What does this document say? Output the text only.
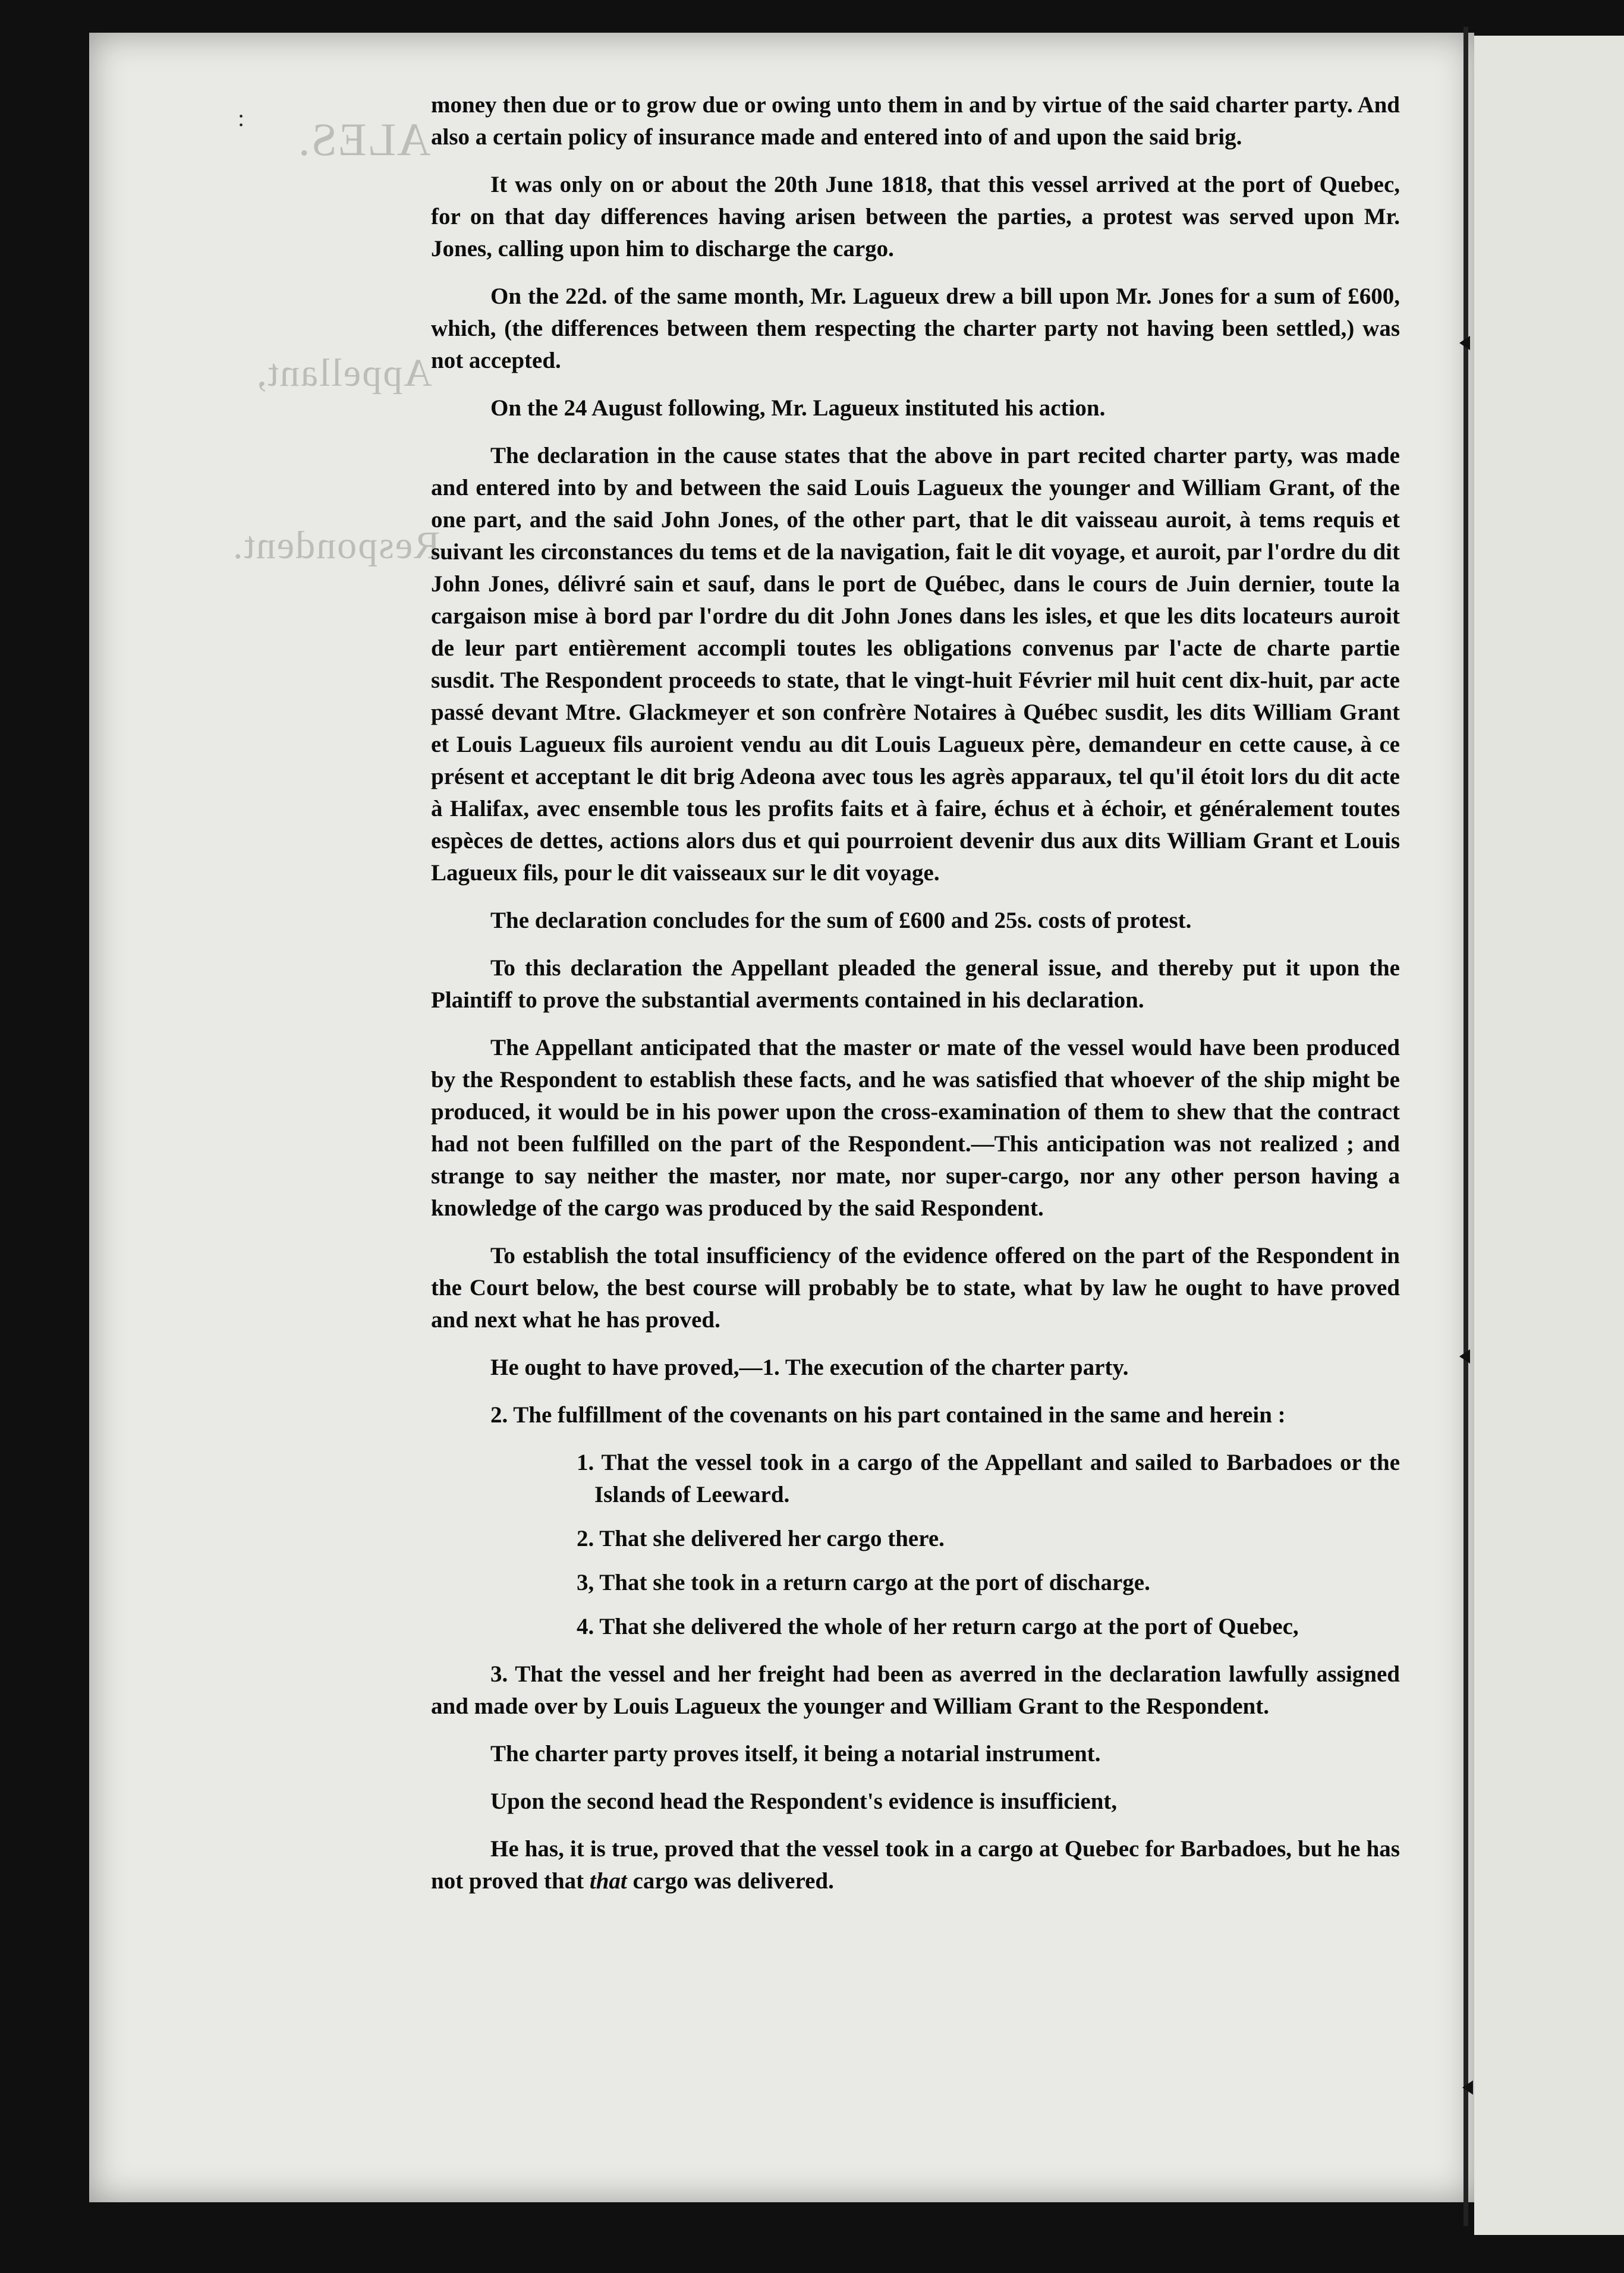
ALES.
Appellant,
Respondent.
:	money then due or to grow due or owing unto them in and by virtue of the said charter party. And also a certain policy of insurance made and entered into of and upon the said brig.

It was only on or about the 20th June 1818, that this vessel arrived at the port of Quebec, for on that day differences having arisen between the parties, a protest was served upon Mr. Jones, calling upon him to discharge the cargo.

On the 22d. of the same month, Mr. Lagueux drew a bill upon Mr. Jones for a sum of £600, which, (the differences between them respecting the charter party not having been settled,) was not accepted.

On the 24 August following, Mr. Lagueux instituted his action.

The declaration in the cause states that the above in part recited charter party, was made and entered into by and between the said Louis Lagueux the younger and William Grant, of the one part, and the said John Jones, of the other part, that le dit vaisseau auroit, à tems requis et suivant les circonstances du tems et de la navigation, fait le dit voyage, et auroit, par l'ordre du dit John Jones, délivré sain et sauf, dans le port de Québec, dans le cours de Juin dernier, toute la cargaison mise à bord par l'ordre du dit John Jones dans les isles, et que les dits locateurs auroit de leur part entièrement accompli toutes les obligations convenus par l'acte de charte partie susdit. The Respondent proceeds to state, that le vingt-huit Février mil huit cent dix-huit, par acte passé devant Mtre. Glackmeyer et son confrère Notaires à Québec susdit, les dits William Grant et Louis Lagueux fils auroient vendu au dit Louis Lagueux père, demandeur en cette cause, à ce présent et acceptant le dit brig Adeona avec tous les agrès apparaux, tel qu'il étoit lors du dit acte à Halifax, avec ensemble tous les profits faits et à faire, échus et à échoir, et généralement toutes espèces de dettes, actions alors dus et qui pourroient devenir dus aux dits William Grant et Louis Lagueux fils, pour le dit vaisseaux sur le dit voyage.

The declaration concludes for the sum of £600 and 25s. costs of protest.

To this declaration the Appellant pleaded the general issue, and thereby put it upon the Plaintiff to prove the substantial averments contained in his declaration.

The Appellant anticipated that the master or mate of the vessel would have been produced by the Respondent to establish these facts, and he was satisfied that whoever of the ship might be produced, it would be in his power upon the cross-examination of them to shew that the contract had not been fulfilled on the part of the Respondent.—This anticipation was not realized ; and strange to say neither the master, nor mate, nor super-cargo, nor any other person having a knowledge of the cargo was produced by the said Respondent.

To establish the total insufficiency of the evidence offered on the part of the Respondent in the Court below, the best course will probably be to state, what by law he ought to have proved and next what he has proved.

He ought to have proved,—1. The execution of the charter party.

2. The fulfillment of the covenants on his part contained in the same and herein :

1. That the vessel took in a cargo of the Appellant and sailed to Barbadoes or the Islands of Leeward.
2. That she delivered her cargo there.
3, That she took in a return cargo at the port of discharge.
4. That she delivered the whole of her return cargo at the port of Quebec,

3. That the vessel and her freight had been as averred in the declaration lawfully assigned and made over by Louis Lagueux the younger and William Grant to the Respondent.

The charter party proves itself, it being a notarial instrument.

Upon the second head the Respondent's evidence is insufficient,

He has, it is true, proved that the vessel took in a cargo at Quebec for Barbadoes, but he has not proved that that cargo was delivered.
